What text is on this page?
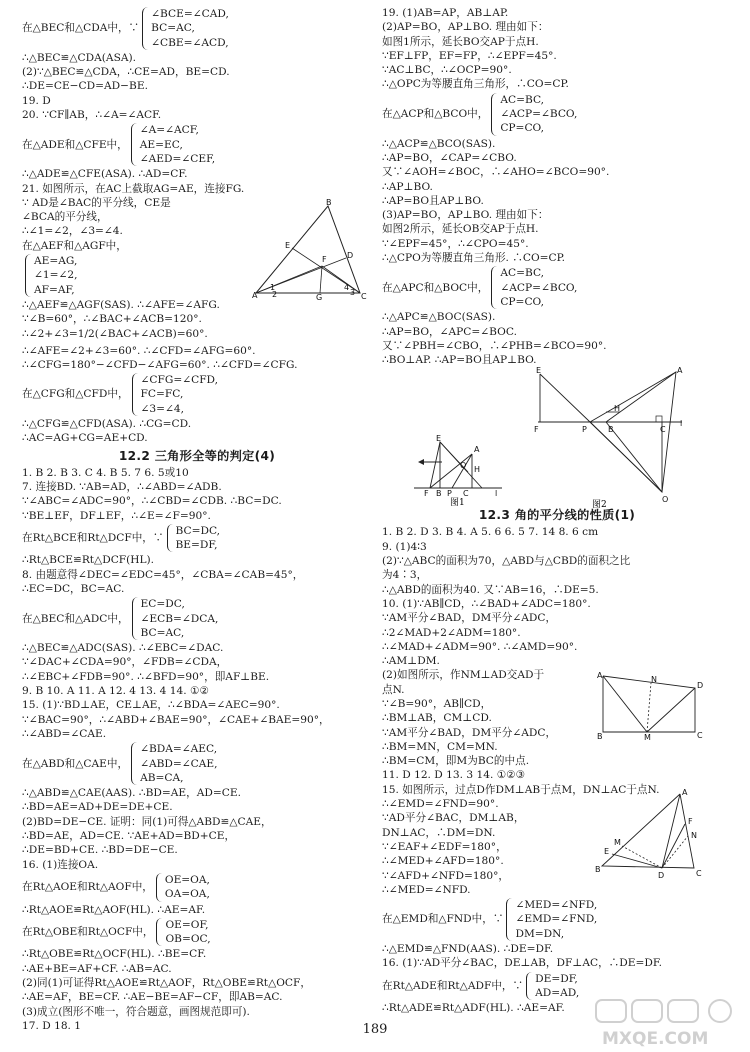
在△BEC和△CDA中，∵
∠BCE=∠CAD,
BC=AC,
∠CBE=∠ACD,
∴△BEC≌△CDA(ASA).
(2)∵△BEC≌△CDA，∴CE=AD，BE=CD.
∴DE=CE−CD=AD−BE.
19. D
20. ∵CF∥AB，∴∠A=∠ACF.
在△ADE和△CFE中，
∠A=∠ACF,
AE=EC,
∠AED=∠CEF,
∴△ADE≌△CFE(ASA). ∴AD=CF.
21. 如图所示，在AC上截取AG=AE，连接FG.
∵ AD是∠BAC的平分线，CE是
∠BCA的平分线，
∴∠1=∠2，∠3=∠4.
在△AEF和△AGF中，
AE=AG,
∠1=∠2,
AF=AF,
∴△AEF≌△AGF(SAS). ∴∠AFE=∠AFG.
∵∠B=60°，∴∠BAC+∠ACB=120°.
∴∠2+∠3=1/2(∠BAC+∠ACB)=60°.
∴∠AFE=∠2+∠3=60°. ∴∠CFD=∠AFG=60°.
∴∠CFG=180°−∠CFD−∠AFG=60°. ∴∠CFD=∠CFG.
在△CFG和△CFD中，
∠CFG=∠CFD,
FC=FC,
∠3=∠4,
∴△CFG≌△CFD(ASA). ∴CG=CD.
∴AC=AG+CG=AE+CD.
12.2 三角形全等的判定(4)
1. B 2. B 3. C 4. B 5. 7 6. 5或10
7. 连接BD. ∵AB=AD，∴∠ABD=∠ADB.
∵∠ABC=∠ADC=90°，∴∠CBD=∠CDB. ∴BC=DC.
∵BE⊥EF，DF⊥EF，∴∠E=∠F=90°.
在Rt△BCE和Rt△DCF中，∵
BC=DC,
BE=DF,
∴Rt△BCE≌Rt△DCF(HL).
8. 由题意得∠DEC=∠EDC=45°，∠CBA=∠CAB=45°，
∴EC=DC，BC=AC.
在△BEC和△ADC中，
EC=DC,
∠ECB=∠DCA,
BC=AC,
∴△BEC≌△ADC(SAS). ∴∠EBC=∠DAC.
∵∠DAC+∠CDA=90°，∠FDB=∠CDA，
∴∠EBC+∠FDB=90°. ∴∠BFD=90°，即AF⊥BE.
9. B 10. A 11. A 12. 4 13. 4 14. ①②
15. (1)∵BD⊥AE，CE⊥AE，∴∠BDA=∠AEC=90°.
∵∠BAC=90°，∴∠ABD+∠BAE=90°，∠CAE+∠BAE=90°，
∴∠ABD=∠CAE.
在△ABD和△CAE中，
∠BDA=∠AEC,
∠ABD=∠CAE,
AB=CA,
∴△ABD≌△CAE(AAS). ∴BD=AE，AD=CE.
∴BD=AE=AD+DE=DE+CE.
(2)BD=DE−CE. 证明：同(1)可得△ABD≌△CAE，
∴BD=AE，AD=CE. ∵AE+AD=BD+CE，
∴DE=BD+CE. ∴BD=DE−CE.
16. (1)连接OA.
在Rt△AOE和Rt△AOF中，
OE=OA,
OA=OA,
∴Rt△AOE≌Rt△AOF(HL). ∴AE=AF.
在Rt△OBE和Rt△OCF中，
OE=OF,
OB=OC,
∴Rt△OBE≌Rt△OCF(HL). ∴BE=CF.
∴AE+BE=AF+CF. ∴AB=AC.
(2)同(1)可证得Rt△AOE≌Rt△AOF，Rt△OBE≌Rt△OCF，
∴AE=AF，BE=CF. ∴AE−BE=AF−CF，即AB=AC.
(3)成立(图形不唯一，符合题意，画图规范即可).
17. D 18. 1
A
B
C
E
F	D
G
1
2
4
3
19. (1)AB=AP，AB⊥AP.
(2)AP=BO，AP⊥BO. 理由如下：
如图1所示，延长BO交AP于点H.
∵EF⊥FP，EF=FP，∴∠EPF=45°.
∵AC⊥BC，∴∠OCP=90°.
∴△OPC为等腰直角三角形，∴CO=CP.
在△ACP和△BCO中，
AC=BC,
∠ACP=∠BCO,
CP=CO,
∴△ACP≌△BCO(SAS).
∴AP=BO，∠CAP=∠CBO.
又∵∠AOH=∠BOC，∴∠AHO=∠BCO=90°.
∴AP⊥BO.
∴AP=BO且AP⊥BO.
(3)AP=BO，AP⊥BO. 理由如下：
如图2所示，延长OB交AP于点H.
∵∠EPF=45°，∴∠CPO=45°.
∴△CPO为等腰直角三角形. ∴CO=CP.
在△APC和△BOC中，
AC=BC,
∠ACP=∠BCO,
CP=CO,
∴△APC≌△BOC(SAS).
∴AP=BO，∠APC=∠BOC.
又∵∠PBH=∠CBO，∴∠PHB=∠BCO=90°.
∴BO⊥AP. ∴AP=BO且AP⊥BO.
12.3 角的平分线的性质(1)
1. B 2. D 3. B 4. A 5. 6 6. 5 7. 14 8. 6 cm
9. (1)4∶3
(2)∵△ABC的面积为70，△ABD与△CBD的面积之比
为4∶3，
∴△ABD的面积为40. 又∵AB=16，∴DE=5.
10. (1)∵AB∥CD，∴∠BAD+∠ADC=180°.
∵AM平分∠BAD，DM平分∠ADC，
∴2∠MAD+2∠ADM=180°.
∴∠MAD+∠ADM=90°. ∴∠AMD=90°.
∴AM⊥DM.
(2)如图所示，作NM⊥AD交AD于
点N.
∵∠B=90°，AB∥CD，
∴BM⊥AB，CM⊥CD.
∵AM平分∠BAD，DM平分∠ADC，
∴BM=MN，CM=MN.
∴BM=CM，即M为BC的中点.
11. D 12. D 13. 3 14. ①②③
15. 如图所示，过点D作DM⊥AB于点M，DN⊥AC于点N.
∴∠EMD=∠FND=90°.
∵AD平分∠BAC，DM⊥AB，
DN⊥AC，∴DM=DN.
∵∠EAF+∠EDF=180°，
∴∠MED+∠AFD=180°.
∵∠AFD+∠NFD=180°，
∴∠MED=∠NFD.
在△EMD和△FND中，∵
∠MED=∠NFD,
∠EMD=∠FND,
DM=DN,
∴△EMD≌△FND(AAS). ∴DE=DF.
16. (1)∵AD平分∠BAC，DE⊥AB，DF⊥AC，∴DE=DF.
在Rt△ADE和Rt△ADF中，∵
DE=DF,
AD=AD,
∴Rt△ADE≌Rt△ADF(HL). ∴AE=AF.
E
A
H
O
F P C	l
B
图1
E	A
H
F	P	B	C
l
O
图2
A	N
D
B	M	C
A
M
E
F
N
B
D	C
189	MXQE.COM
